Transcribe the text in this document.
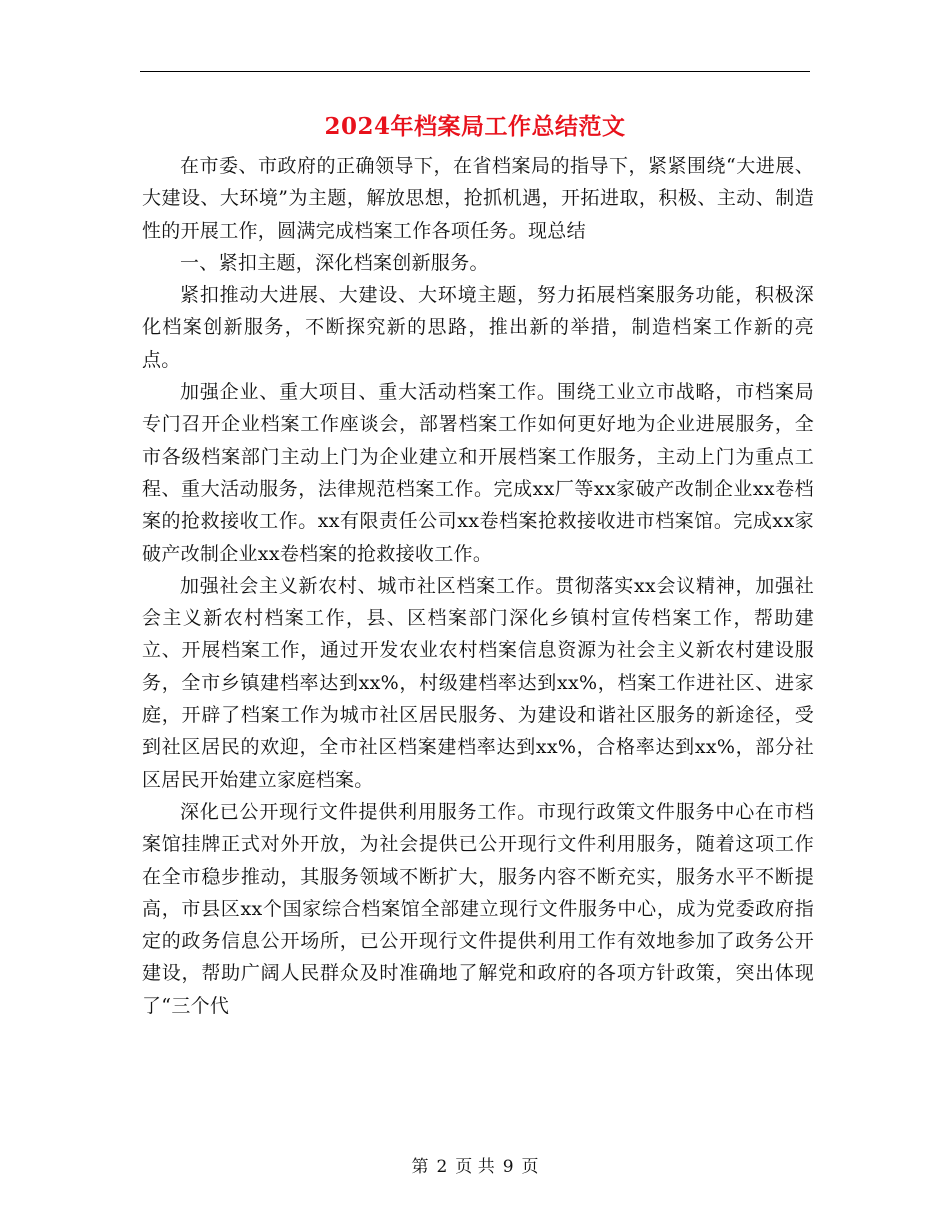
2024年档案局工作总结范文

在市委、市政府的正确领导下，在省档案局的指导下，紧紧围绕“大进展、大建设、大环境”为主题，解放思想，抢抓机遇，开拓进取，积极、主动、制造性的开展工作，圆满完成档案工作各项任务。现总结

一、紧扣主题，深化档案创新服务。

紧扣推动大进展、大建设、大环境主题，努力拓展档案服务功能，积极深化档案创新服务，不断探究新的思路，推出新的举措，制造档案工作新的亮点。

加强企业、重大项目、重大活动档案工作。围绕工业立市战略，市档案局专门召开企业档案工作座谈会，部署档案工作如何更好地为企业进展服务，全市各级档案部门主动上门为企业建立和开展档案工作服务，主动上门为重点工程、重大活动服务，法律规范档案工作。完成xx厂等xx家破产改制企业xx卷档案的抢救接收工作。xx有限责任公司xx卷档案抢救接收进市档案馆。完成xx家破产改制企业xx卷档案的抢救接收工作。

加强社会主义新农村、城市社区档案工作。贯彻落实xx会议精神，加强社会主义新农村档案工作，县、区档案部门深化乡镇村宣传档案工作，帮助建立、开展档案工作，通过开发农业农村档案信息资源为社会主义新农村建设服务，全市乡镇建档率达到xx%，村级建档率达到xx%，档案工作进社区、进家庭，开辟了档案工作为城市社区居民服务、为建设和谐社区服务的新途径，受到社区居民的欢迎，全市社区档案建档率达到xx%，合格率达到xx%，部分社区居民开始建立家庭档案。

深化已公开现行文件提供利用服务工作。市现行政策文件服务中心在市档案馆挂牌正式对外开放，为社会提供已公开现行文件利用服务，随着这项工作在全市稳步推动，其服务领域不断扩大，服务内容不断充实，服务水平不断提高，市县区xx个国家综合档案馆全部建立现行文件服务中心，成为党委政府指定的政务信息公开场所，已公开现行文件提供利用工作有效地参加了政务公开建设，帮助广阔人民群众及时准确地了解党和政府的各项方针政策，突出体现了“三个代

第 2 页 共 9 页
